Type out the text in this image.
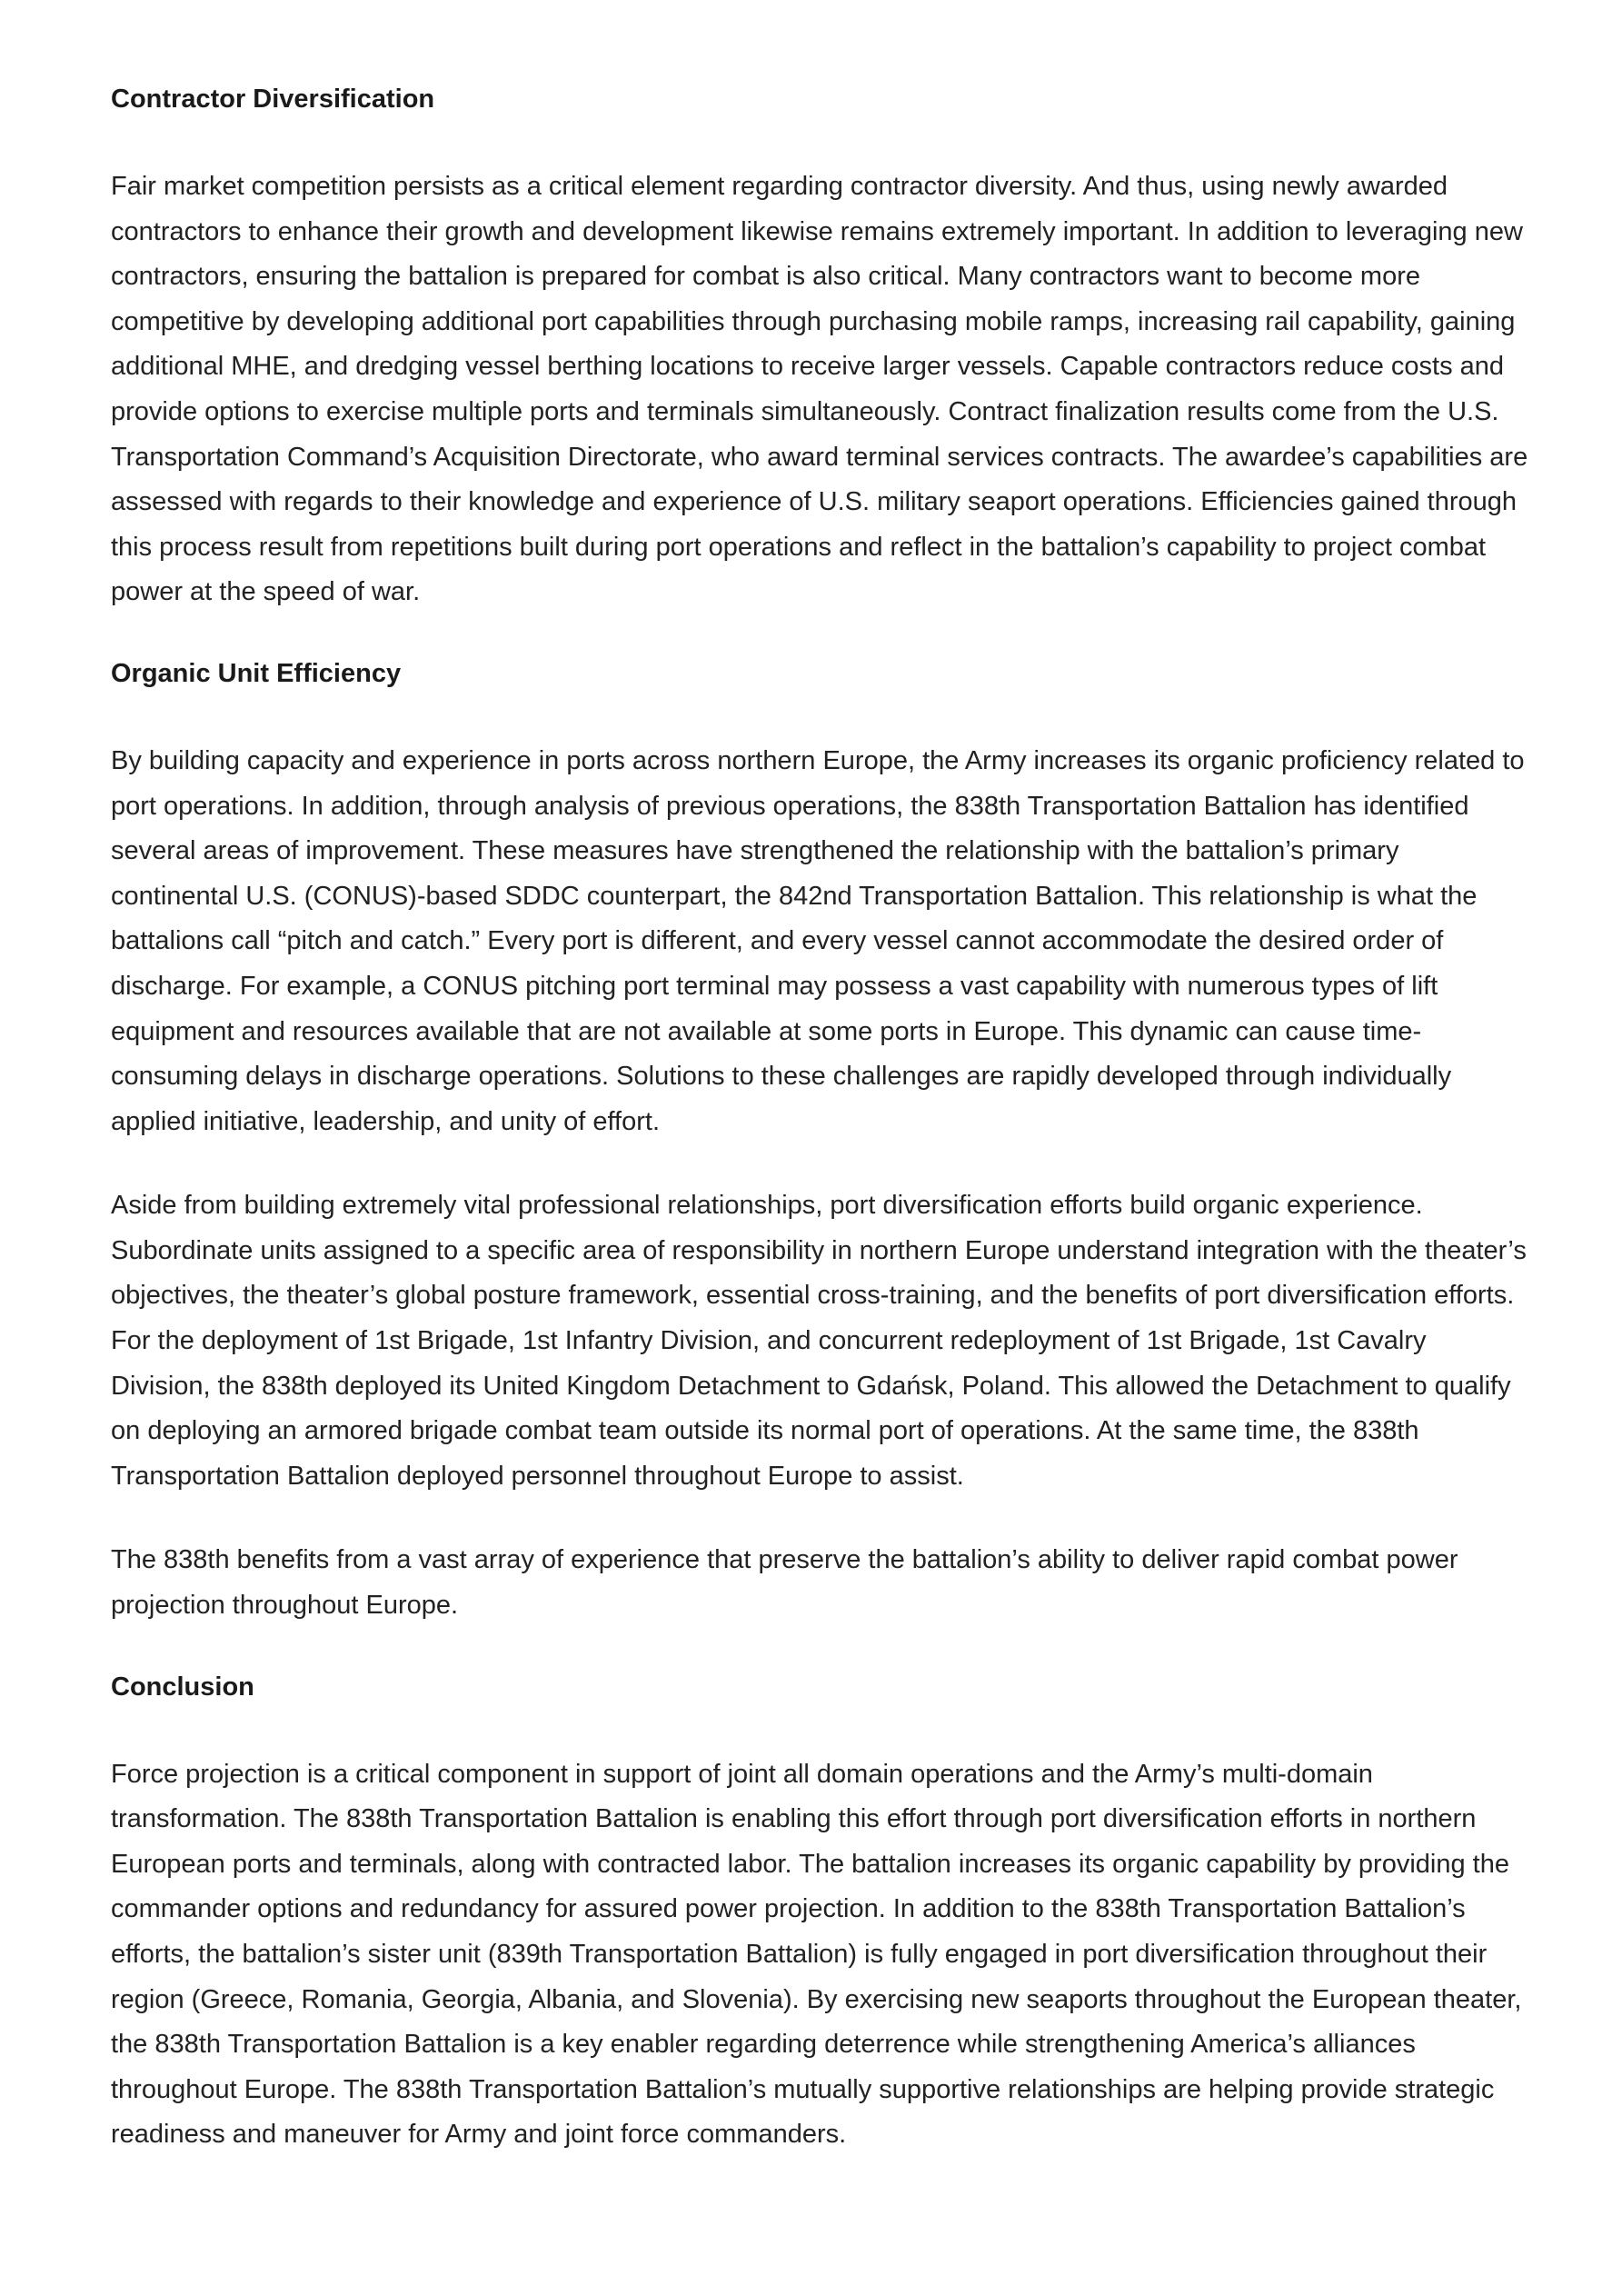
Contractor Diversification

Fair market competition persists as a critical element regarding contractor diversity. And thus, using newly awarded contractors to enhance their growth and development likewise remains extremely important. In addition to leveraging new contractors, ensuring the battalion is prepared for combat is also critical. Many contractors want to become more competitive by developing additional port capabilities through purchasing mobile ramps, increasing rail capability, gaining additional MHE, and dredging vessel berthing locations to receive larger vessels. Capable contractors reduce costs and provide options to exercise multiple ports and terminals simultaneously. Contract finalization results come from the U.S. Transportation Command’s Acquisition Directorate, who award terminal services contracts. The awardee’s capabilities are assessed with regards to their knowledge and experience of U.S. military seaport operations. Efficiencies gained through this process result from repetitions built during port operations and reflect in the battalion’s capability to project combat power at the speed of war.

Organic Unit Efficiency

By building capacity and experience in ports across northern Europe, the Army increases its organic proficiency related to port operations. In addition, through analysis of previous operations, the 838th Transportation Battalion has identified several areas of improvement. These measures have strengthened the relationship with the battalion’s primary continental U.S. (CONUS)-based SDDC counterpart, the 842nd Transportation Battalion. This relationship is what the battalions call “pitch and catch.” Every port is different, and every vessel cannot accommodate the desired order of discharge. For example, a CONUS pitching port terminal may possess a vast capability with numerous types of lift equipment and resources available that are not available at some ports in Europe. This dynamic can cause time-consuming delays in discharge operations. Solutions to these challenges are rapidly developed through individually applied initiative, leadership, and unity of effort.

Aside from building extremely vital professional relationships, port diversification efforts build organic experience. Subordinate units assigned to a specific area of responsibility in northern Europe understand integration with the theater’s objectives, the theater’s global posture framework, essential cross-training, and the benefits of port diversification efforts. For the deployment of 1st Brigade, 1st Infantry Division, and concurrent redeployment of 1st Brigade, 1st Cavalry Division, the 838th deployed its United Kingdom Detachment to Gdańsk, Poland. This allowed the Detachment to qualify on deploying an armored brigade combat team outside its normal port of operations. At the same time, the 838th Transportation Battalion deployed personnel throughout Europe to assist.

The 838th benefits from a vast array of experience that preserve the battalion’s ability to deliver rapid combat power projection throughout Europe.

Conclusion

Force projection is a critical component in support of joint all domain operations and the Army’s multi-domain transformation. The 838th Transportation Battalion is enabling this effort through port diversification efforts in northern European ports and terminals, along with contracted labor. The battalion increases its organic capability by providing the commander options and redundancy for assured power projection. In addition to the 838th Transportation Battalion’s efforts, the battalion’s sister unit (839th Transportation Battalion) is fully engaged in port diversification throughout their region (Greece, Romania, Georgia, Albania, and Slovenia). By exercising new seaports throughout the European theater, the 838th Transportation Battalion is a key enabler regarding deterrence while strengthening America’s alliances throughout Europe. The 838th Transportation Battalion’s mutually supportive relationships are helping provide strategic readiness and maneuver for Army and joint force commanders.
